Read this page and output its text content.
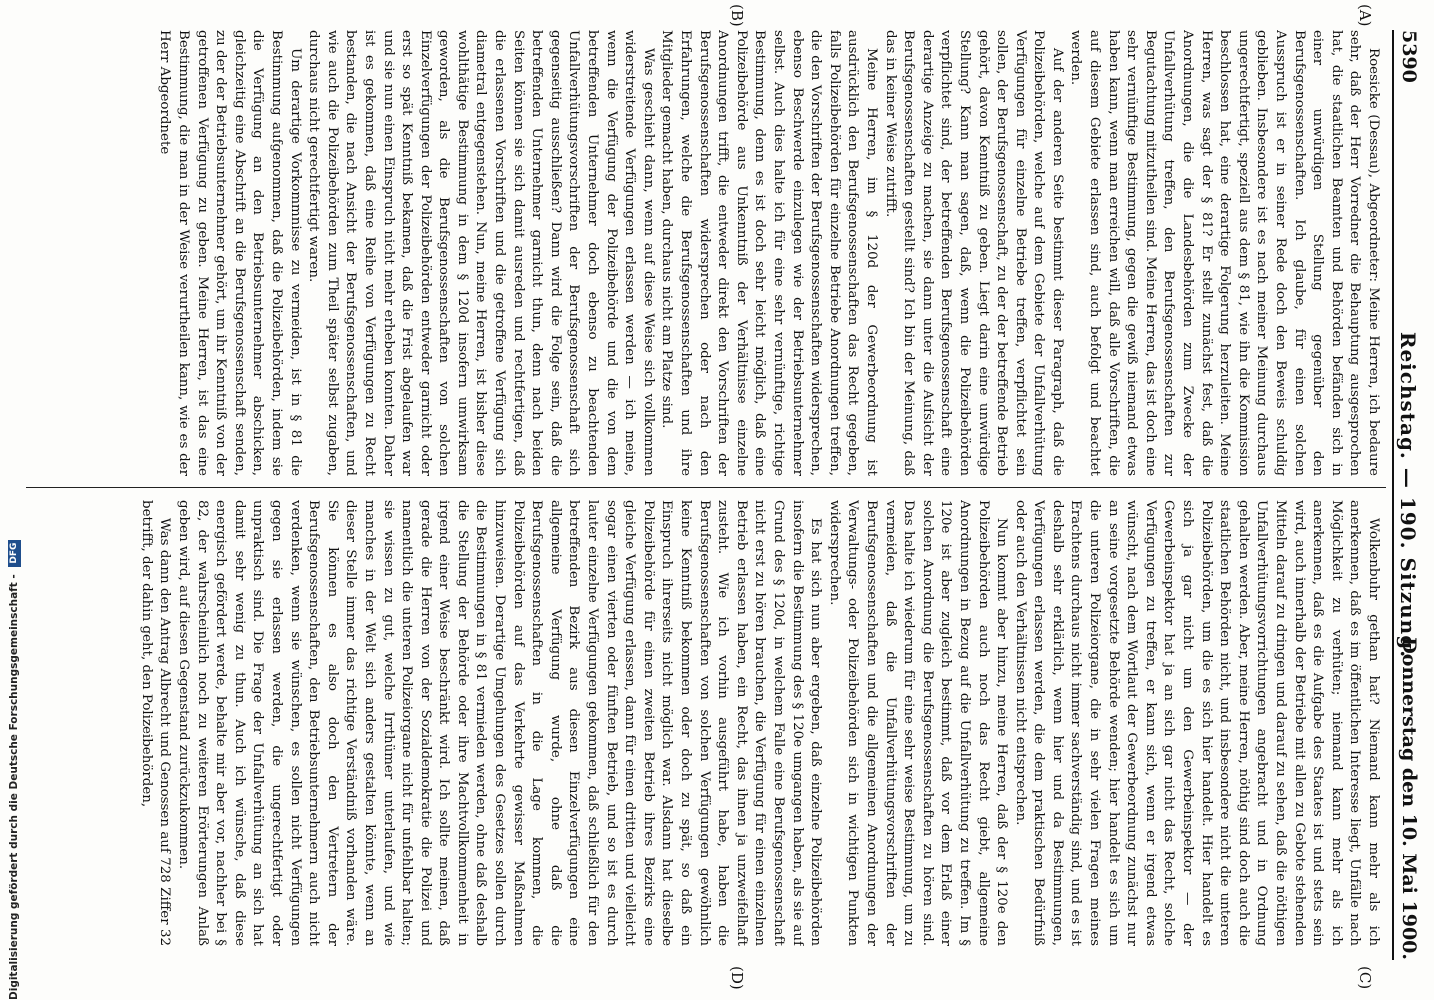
5390
Reichstag. — 190. Sitzung.
Donnerstag den 10. Mai 1900.
(A)
(B)
(C)
(D)

Roesicke (Dessau), Abgeordneter: Meine Herren, ich bedaure sehr, daß der Herr Vorredner die Behauptung ausgesprochen hat, die staatlichen Beamten und Behörden befänden sich in einer unwürdigen Stellung gegenüber den Berufsgenossenschaften. Ich glaube, für einen solchen Ausspruch ist er in seiner Rede doch den Beweis schuldig geblieben. Insbesondere ist es nach meiner Meinung durchaus ungerechtfertigt, speziell aus dem § 81, wie ihn die Kommission beschlossen hat, eine derartige Folgerung herzuleiten. Meine Herren, was sagt der § 81? Er stellt zunächst fest, daß die Anordnungen, die die Landesbehörden zum Zwecke der Unfallverhütung treffen, den Berufsgenossenschaften zur Begutachtung mitzutheilen sind. Meine Herren, das ist doch eine sehr vernünftige Bestimmung, gegen die gewiß niemand etwas haben kann, wenn man erreichen will, daß alle Vorschriften, die auf diesem Gebiete erlassen sind, auch befolgt und beachtet werden.

Auf der anderen Seite bestimmt dieser Paragraph, daß die Polizeibehörden, welche auf dem Gebiete der Unfallverhütung Verfügungen für einzelne Betriebe treffen, verpflichtet sein sollen, der Berufsgenossenschaft, zu der der betreffende Betrieb gehört, davon Kenntniß zu geben. Liegt darin eine unwürdige Stellung? Kann man sagen, daß, wenn die Polizeibehörden verpflichtet sind, der betreffenden Berufsgenossenschaft eine derartige Anzeige zu machen, sie dann unter die Aufsicht der Berufsgenossenschaften gestellt sind? Ich bin der Meinung, daß das in keiner Weise zutrifft.

Meine Herren, im § 120d der Gewerbeordnung ist ausdrücklich den Berufsgenossenschaften das Recht gegeben, falls Polizeibehörden für einzelne Betriebe Anordnungen treffen, die den Vorschriften der Berufsgenossenschaften widersprechen, ebenso Beschwerde einzulegen wie der Betriebsunternehmer selbst. Auch dies halte ich für eine sehr vernünftige, richtige Bestimmung, denn es ist doch sehr leicht möglich, daß eine Polizeibehörde aus Unkenntniß der Verhältnisse einzelne Anordnungen trifft, die entweder direkt den Vorschriften der Berufsgenossenschaften widersprechen oder nach den Erfahrungen, welche die Berufsgenossenschaften und ihre Mitglieder gemacht haben, durchaus nicht am Platze sind.

Was geschieht dann, wenn auf diese Weise sich vollkommen widerstreitende Verfügungen erlassen werden — ich meine, wenn die Verfügung der Polizeibehörde und die von dem betreffenden Unternehmer doch ebenso zu beachtenden Unfallverhütungsvorschriften der Berufsgenossenschaft sich gegenseitig ausschließen? Dann wird die Folge sein, daß die betreffenden Unternehmer garnicht thun, denn nach beiden Seiten können sie sich damit ausreden und rechtfertigen, daß die erlassenen Vorschriften und die getroffene Verfügung sich diametral entgegenstehen. Nun, meine Herren, ist bisher diese wohlthätige Bestimmung in dem § 120d insofern umwirksam geworden, als die Berufsgenossenschaften von solchen Einzelverfügungen der Polizeibehörden entweder garnicht oder erst so spät Kenntniß bekamen, daß die Frist abgelaufen war und sie nun einen Einspruch nicht mehr erheben konnten. Daher ist es gekommen, daß eine Reihe von Verfügungen zu Recht bestanden, die nach Ansicht der Berufsgenossenschaften, und wie auch die Polizeibehörden zum Theil später selbst zugaben, durchaus nicht gerechtfertigt waren.

Um derartige Vorkommnisse zu vermeiden, ist in § 81 die Bestimmung aufgenommen, daß die Polizeibehörden, indem sie die Verfügung an den Betriebsunternehmer abschicken, gleichzeitig eine Abschrift an die Berufsgenossenschaft senden, zu der der Betriebsunternehmer gehört, um ihr Kenntniß von der getroffenen Verfügung zu geben. Meine Herren, ist das eine Bestimmung, die man in der Weise verurtheilen kann, wie es der Herr Abgeordnete

Wolkenbuhr gethan hat? Niemand kann mehr als ich anerkennen, daß es im öffentlichen Interesse liegt, Unfälle nach Möglichkeit zu verhüten; niemand kann mehr als ich anerkennen, daß es die Aufgabe des Staates ist und stets sein wird, auch innerhalb der Betriebe mit allen zu Gebote stehenden Mitteln darauf zu dringen und darauf zu sehen, daß die nöthigen Unfallverhütungsvorrichtungen angebracht und in Ordnung gehalten werden. Aber, meine Herren, nöthig sind doch auch die staatlichen Behörden nicht, und insbesondere nicht die unteren Polizeibehörden, um die es sich hier handelt. Hier handelt es sich ja gar nicht um den Gewerbeinspektor — der Gewerbeinspektor hat ja an sich gar nicht das Recht, solche Verfügungen zu treffen, er kann sich, wenn er irgend etwas wünscht, nach dem Wortlaut der Gewerbeordnung zunächst nur an seine vorgesetzte Behörde wenden; hier handelt es sich um die unteren Polizeiorgane, die in sehr vielen Fragen meines Erachtens durchaus nicht immer sachverständig sind, und es ist deshalb sehr erklärlich, wenn hier und da Bestimmungen, Verfügungen erlassen werden, die dem praktischen Bedürfniß oder auch den Verhältnissen nicht entsprechen.

Nun kommt aber hinzu, meine Herren, daß der § 120e den Polizeibehörden auch noch das Recht giebt, allgemeine Anordnungen in Bezug auf die Unfallverhütung zu treffen. Im § 120e ist aber zugleich bestimmt, daß vor dem Erlaß einer solchen Anordnung die Berufsgenossenschaften zu hören sind. Das halte ich wiederum für eine sehr weise Bestimmung, um zu vermeiden, daß die Unfallverhütungsvorschriften der Berufsgenossenschaften und die allgemeinen Anordnungen der Verwaltungs- oder Polizeibehörden sich in wichtigen Punkten widersprechen.

Es hat sich nun aber ergeben, daß einzelne Polizeibehörden insofern die Bestimmung des § 120e umgangen haben, als sie auf Grund des § 120d, in welchem Falle eine Berufsgenossenschaft nicht erst zu hören brauchen, die Verfügung für einen einzelnen Betrieb erlassen haben, ein Recht, das ihnen ja unzweifelhaft zusteht. Wie ich vorhin ausgeführt habe, haben die Berufsgenossenschaften von solchen Verfügungen gewöhnlich keine Kenntniß bekommen oder doch zu spät, so daß ein Einspruch ihrerseits nicht möglich war. Alsdann hat dieselbe Polizeibehörde für einen zweiten Betrieb ihres Bezirks eine gleiche Verfügung erlassen, dann für einen dritten und vielleicht sogar einen vierten oder fünften Betrieb, und so ist es durch lauter einzelne Verfügungen gekommen, daß schließlich für den betreffenden Bezirk aus diesen Einzelverfügungen eine allgemeine Verfügung wurde, ohne daß die Berufsgenossenschaften in die Lage kommen, die Polizeibehörden auf das Verkehrte gewisser Maßnahmen hinzuweisen. Derartige Umgehungen des Gesetzes sollen durch die Bestimmungen in § 81 vermieden werden, ohne daß deshalb die Stellung der Behörde oder ihre Machtvollkommenheit in irgend einer Weise beschränkt wird. Ich sollte meinen, daß gerade die Herren von der Sozialdemokratie die Polizei und namentlich die unteren Polizeiorgane nicht für unfehlbar halten; sie wissen zu gut, welche Irrthümer unterlaufen, und wie manches in der Welt sich anders gestalten könnte, wenn an dieser Stelle immer das richtige Verständniß vorhanden wäre. Sie können es also doch den Vertretern der Berufsgenossenschaften, den Betriebsunternehmern auch nicht verdenken, wenn sie wünschen, es sollen nicht Verfügungen gegen sie erlassen werden, die ungerechtfertigt oder unpraktisch sind. Die Frage der Unfallverhütung an sich hat damit sehr wenig zu thun. Auch ich wünsche, daß diese energisch gefördert werde, behalte mir aber vor, nachher bei § 82, der wahrscheinlich noch zu weiteren Erörterungen Anlaß geben wird, auf diesen Gegenstand zurückzukommen.

Was dann den Antrag Albrecht und Genossen auf 728 Ziffer 32 betrifft, der dahin geht, den Polizeibehörden,

Digitalisierung gefördert durch die Deutsche Forschungsgemeinschaft - DFG
